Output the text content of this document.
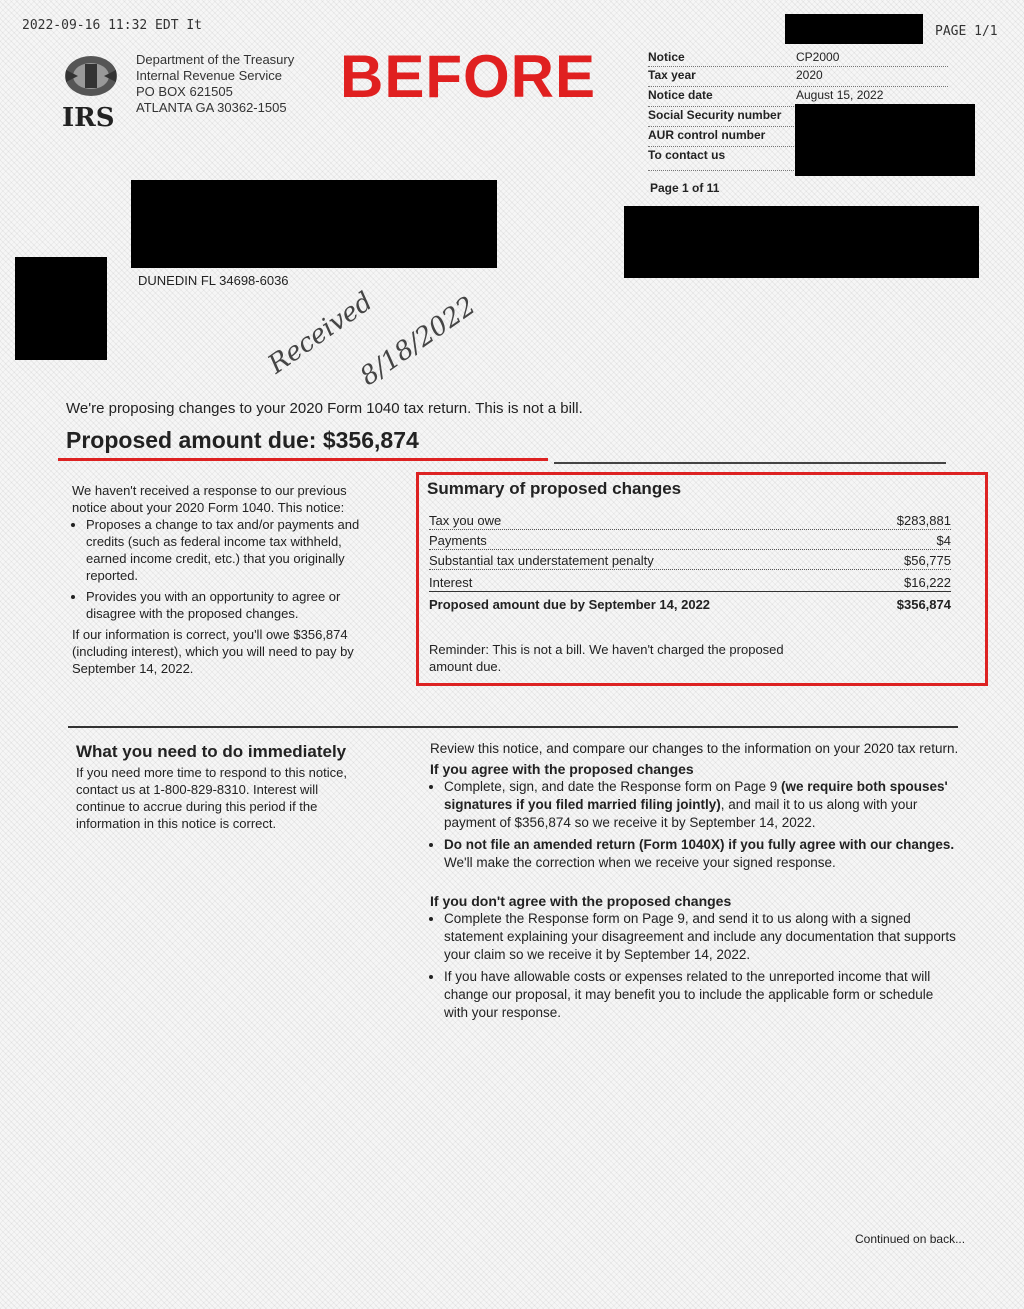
2022-09-16 11:32 EDT It	PAGE 1/1
IRS
Department of the Treasury
Internal Revenue Service
PO BOX 621505
ATLANTA GA 30362-1505 BEFORE	Notice	CP2000
Tax year	2020
Notice date	August 15, 2022
Social Security number
AUR control number
To contact us
Page 1 of 11
DUNEDIN FL 34698-6036
Received
8/18/2022
We're proposing changes to your 2020 Form 1040 tax return. This is not a bill.
Proposed amount due: $356,874
We haven't received a response to our previous notice about your 2020 Form 1040. This notice:
• Proposes a change to tax and/or payments and credits (such as federal income tax withheld, earned income credit, etc.) that you originally reported.
• Provides you with an opportunity to agree or disagree with the proposed changes.
If our information is correct, you'll owe $356,874 (including interest), which you will need to pay by September 14, 2022.
Summary of proposed changes
Tax you owe	$283,881
Payments	$4
Substantial tax understatement penalty	$56,775
Interest	$16,222
Proposed amount due by September 14, 2022	$356,874
Reminder: This is not a bill. We haven't charged the proposed amount due.
What you need to do immediately
If you need more time to respond to this notice, contact us at 1-800-829-8310. Interest will continue to accrue during this period if the information in this notice is correct.
Review this notice, and compare our changes to the information on your 2020 tax return.
If you agree with the proposed changes
• Complete, sign, and date the Response form on Page 9 (we require both spouses' signatures if you filed married filing jointly), and mail it to us along with your payment of $356,874 so we receive it by September 14, 2022.
• Do not file an amended return (Form 1040X) if you fully agree with our changes. We'll make the correction when we receive your signed response.
If you don't agree with the proposed changes
• Complete the Response form on Page 9, and send it to us along with a signed statement explaining your disagreement and include any documentation that supports your claim so we receive it by September 14, 2022.
• If you have allowable costs or expenses related to the unreported income that will change our proposal, it may benefit you to include the applicable form or schedule with your response.
Continued on back...
